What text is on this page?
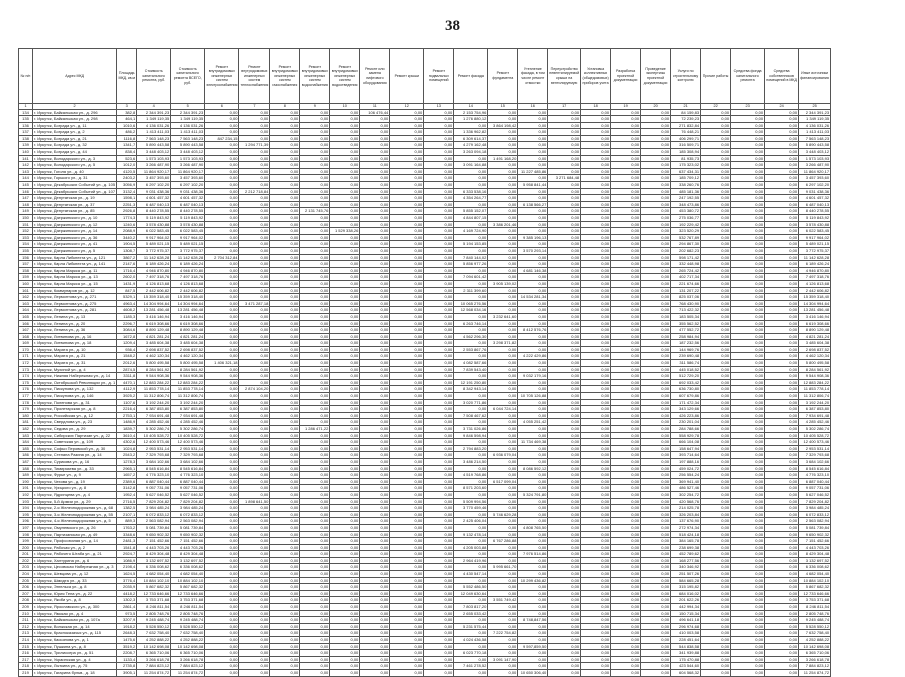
38
№ п/п	Адрес МКД	Площадь МКД, кв.м	Стоимость капитального ремонта, руб.	Стоимость капитального ремонта ВСЕГО, руб.	Ремонт внутридомовых инженерных систем электроснабжения	Ремонт внутридомовых инженерных систем теплоснабжения	Ремонт внутридомовых инженерных систем газоснабжения	Ремонт внутридомовых инженерных систем водоснабжения	Ремонт внутридомовых инженерных систем водоотведения	Ремонт или замена лифтового оборудования	Ремонт крыши	Ремонт подвальных помещений	Ремонт фасада	Ремонт фундамента	Утепление фасада, в том числе ремонт отмостки	Переустройство невентилируемой крыши на вентилируемую	Установка коллективных (общедомовых) приборов учета	Разработка проектной документации	Проведение экспертизы проектной документации	Услуги по строительному контролю	Прочие работы	Средства фонда капитального ремонта	Средства собственников помещений в МКД	Иные источники финансирования
1	2	3	4	5	6	7	8	9	10	11	12	13	14	15	16	17	18	19	20	21	22	23	24	25
134	г. Иркутск, Байкальская ул., д. 296	382,8	2 344 391,23	2 344 391,23	0,00	0,00	0,00	0,00	0,00	106 476,44	0,00	0,00	2 153 754,96	0,00	0,00	0,00	0,00	0,00	0,00	84 159,83	0,00	0,00	0,00	2 344 391,23
135	г. Иркутск, Байкальская ул., д. 298	464,1	1 349 119,35	1 349 119,35	0,00	0,00	0,00	0,00	0,00	0,00	0,00	0,00	1 276 880,12	0,00	0,00	0,00	0,00	0,00	0,00	72 239,23	0,00	0,00	0,00	1 349 119,35
136	г. Иркутск, Бограда ул., д. 11	1010,6	4 136 031,26	4 136 031,26	0,00	0,00	0,00	0,00	0,00	0,00	0,00	0,00	0,00	3 864 198,42	0,00	0,00	0,00	0,00	0,00	271 832,84	0,00	0,00	0,00	4 136 031,26
137	г. Иркутск, Бограда ул., д. 2	486,2	1 413 411,03	1 413 411,03	0,00	0,00	0,00	0,00	0,00	0,00	0,00	0,00	1 336 962,82	0,00	0,00	0,00	0,00	0,00	0,00	76 448,21	0,00	0,00	0,00	1 413 411,03
138	г. Иркутск, Бограда ул., д. 21	1116,8	7 563 148,23	7 563 148,23	847 234,15	0,00	0,00	0,00	0,00	0,00	0,00	0,00	6 309 614,37	0,00	0,00	0,00	0,00	0,00	0,00	406 299,71	0,00	0,00	0,00	7 563 148,23
139	г. Иркутск, Бограда ул., д. 32	1341,7	5 890 443,58	5 890 443,58	0,00	1 294 771,39	0,00	0,00	0,00	0,00	0,00	0,00	4 279 162,48	0,00	0,00	0,00	0,00	0,00	0,00	316 509,71	0,00	0,00	0,00	5 890 443,58
140	г. Иркутск, Бограда ул., д. 44	838,4	3 448 403,12	3 448 403,12	0,00	0,00	0,00	0,00	0,00	0,00	0,00	0,00	3 263 094,18	0,00	0,00	0,00	0,00	0,00	0,00	185 308,94	0,00	0,00	0,00	3 448 403,12
141	г. Иркутск, Володарского ул., д. 3	523,6	1 573 103,93	1 573 103,93	0,00	0,00	0,00	0,00	0,00	0,00	0,00	0,00	0,00	1 491 168,20	0,00	0,00	0,00	0,00	0,00	81 935,73	0,00	0,00	0,00	1 573 103,93
142	г. Иркутск, Володарского ул., д. 5	1012,0	3 266 487,90	3 266 487,90	0,00	0,00	0,00	0,00	0,00	0,00	0,00	0,00	3 091 164,88	0,00	0,00	0,00	0,00	0,00	0,00	175 323,02	0,00	0,00	0,00	3 266 487,90
143	г. Иркутск, Гоголя ул., д. 40	4120,5	11 864 920,17	11 864 920,17	0,00	0,00	0,00	0,00	0,00	0,00	0,00	0,00	0,00	0,00	11 227 485,86	0,00	0,00	0,00	0,00	637 434,31	0,00	0,00	0,00	11 864 920,17
144	г. Иркутск, Горького ул., д. 31	2403,2	3 457 393,60	3 457 393,60	0,00	0,00	0,00	0,00	0,00	0,00	0,00	0,00	0,00	0,00	0,00	3 271 684,48	0,00	0,00	0,00	185 709,12	0,00	0,00	0,00	3 457 393,60
145	г. Иркутск, Декабрьских Событий ул., д. 105	3056,9	6 297 102,20	6 297 102,20	0,00	0,00	0,00	0,00	0,00	0,00	0,00	0,00	0,00	0,00	5 958 841,44	0,00	0,00	0,00	0,00	338 260,76	0,00	0,00	0,00	6 297 102,20
146	г. Иркутск, Декабрьских Событий ул., д. 107	3132,4	9 031 438,36	9 031 438,36	0,00	2 212 718,84	0,00	0,00	0,00	0,00	0,00	0,00	6 333 538,16	0,00	0,00	0,00	0,00	0,00	0,00	485 181,36	0,00	0,00	0,00	9 031 438,36
147	г. Иркутск, Депутатская ул., д. 19	1598,1	4 601 457,32	4 601 457,32	0,00	0,00	0,00	0,00	0,00	0,00	0,00	0,00	4 354 264,77	0,00	0,00	0,00	0,00	0,00	0,00	247 192,55	0,00	0,00	0,00	4 601 457,32
148	г. Иркутск, Депутатская ул., д. 37	2251,3	6 487 040,13	6 487 040,13	0,00	0,00	0,00	0,00	0,00	0,00	0,00	0,00	0,00	0,00	6 138 566,27	0,00	0,00	0,00	0,00	348 473,86	0,00	0,00	0,00	6 487 040,13
149	г. Иркутск, Депутатская ул., д. 85	2926,8	8 440 278,55	8 440 278,55	0,00	0,00	0,00	2 131 745,76	0,00	0,00	0,00	0,00	5 855 152,07	0,00	0,00	0,00	0,00	0,00	0,00	453 380,72	0,00	0,00	0,00	8 440 278,55
150	г. Иркутск, Дзержинского ул., д. 10	1774,3	5 119 843,92	5 119 843,92	0,00	0,00	0,00	0,00	0,00	0,00	0,00	0,00	4 844 807,15	0,00	0,00	0,00	0,00	0,00	0,00	275 036,77	0,00	0,00	0,00	5 119 843,92
151	г. Иркутск, Дзержинского ул., д. 12	1240,6	3 578 430,88	3 578 430,88	0,00	0,00	0,00	0,00	0,00	0,00	0,00	0,00	0,00	3 386 201,46	0,00	0,00	0,00	0,00	0,00	192 229,42	0,00	0,00	0,00	3 578 430,88
152	г. Иркутск, Дзержинского ул., д. 14	2088,9	6 022 583,45	6 022 583,45	0,00	0,00	0,00	0,00	1 529 338,26	0,00	0,00	0,00	4 169 724,90	0,00	0,00	0,00	0,00	0,00	0,00	323 520,29	0,00	0,00	0,00	6 022 583,45
153	г. Иркутск, Дзержинского ул., д. 36	3440,2	9 917 964,02	9 917 964,02	0,00	0,00	0,00	0,00	0,00	0,00	0,00	0,00	0,00	0,00	9 385 196,13	0,00	0,00	0,00	0,00	532 767,89	0,00	0,00	0,00	9 917 964,02
154	г. Иркутск, Дзержинского ул., д. 41	1904,5	5 489 021,15	5 489 021,15	0,00	0,00	0,00	0,00	0,00	0,00	0,00	0,00	5 194 153,85	0,00	0,00	0,00	0,00	0,00	0,00	294 867,30	0,00	0,00	0,00	5 489 021,15
155	г. Иркутск, Дзержинского ул., д. 5	1308,7	3 772 975,37	3 772 975,37	0,00	0,00	0,00	0,00	0,00	0,00	0,00	0,00	0,00	0,00	3 570 293,14	0,00	0,00	0,00	0,00	202 682,23	0,00	0,00	0,00	3 772 975,37
156	г. Иркутск, Карла Либкнехта ул., д. 121	3867,2	11 142 628,28	11 142 628,28	2 704 312,84	0,00	0,00	0,00	0,00	0,00	0,00	0,00	7 840 144,02	0,00	0,00	0,00	0,00	0,00	0,00	598 171,42	0,00	0,00	0,00	11 142 628,28
157	г. Иркутск, Карла Либкнехта ул., д. 141	2147,6	6 189 426,24	6 189 426,24	0,00	0,00	0,00	0,00	0,00	0,00	0,00	0,00	5 856 977,26	0,00	0,00	0,00	0,00	0,00	0,00	332 448,98	0,00	0,00	0,00	6 189 426,24
158	г. Иркутск, Карла Маркса ул., д. 11	1716,4	4 946 870,80	4 946 870,80	0,00	0,00	0,00	0,00	0,00	0,00	0,00	0,00	0,00	0,00	4 681 146,38	0,00	0,00	0,00	0,00	265 724,42	0,00	0,00	0,00	4 946 870,80
159	г. Иркутск, Карла Маркса ул., д. 13	2602,0	7 497 318,76	7 497 318,76	0,00	0,00	0,00	0,00	0,00	0,00	0,00	0,00	7 094 601,42	0,00	0,00	0,00	0,00	0,00	0,00	402 717,34	0,00	0,00	0,00	7 497 318,76
160	г. Иркутск, Карла Маркса ул., д. 15	1431,9	4 126 813,68	4 126 813,68	0,00	0,00	0,00	0,00	0,00	0,00	0,00	0,00	0,00	3 905 139,02	0,00	0,00	0,00	0,00	0,00	221 674,66	0,00	0,00	0,00	4 126 813,68
161	г. Иркутск, Коммунаров ул., д. 12	847,5	2 442 606,82	2 442 606,82	0,00	0,00	0,00	0,00	0,00	0,00	0,00	0,00	2 311 399,60	0,00	0,00	0,00	0,00	0,00	0,00	131 207,22	0,00	0,00	0,00	2 442 606,82
162	г. Иркутск, Лермонтова ул., д. 271	5329,1	15 359 318,40	15 359 318,40	0,00	0,00	0,00	0,00	0,00	0,00	0,00	0,00	0,00	0,00	14 534 281,34	0,00	0,00	0,00	0,00	825 037,06	0,00	0,00	0,00	15 359 318,40
163	г. Иркутск, Лермонтова ул., д. 275	4963,4	14 304 994,64	14 304 994,64	0,00	3 471 287,18	0,00	0,00	0,00	0,00	0,00	0,00	10 065 276,56	0,00	0,00	0,00	0,00	0,00	0,00	768 430,90	0,00	0,00	0,00	14 304 994,64
164	г. Иркутск, Лермонтова ул., д. 281	4608,2	13 281 456,48	13 281 456,48	0,00	0,00	0,00	0,00	0,00	0,00	0,00	0,00	12 568 034,16	0,00	0,00	0,00	0,00	0,00	0,00	713 422,32	0,00	0,00	0,00	13 281 456,48
165	г. Иркутск, Ленина ул., д. 13	1185,3	3 416 146,94	3 416 146,94	0,00	0,00	0,00	0,00	0,00	0,00	0,00	0,00	0,00	3 232 641,60	0,00	0,00	0,00	0,00	0,00	183 505,34	0,00	0,00	0,00	3 416 146,94
166	г. Иркутск, Ленина ул., д. 20	2296,7	6 619 308,66	6 619 308,66	0,00	0,00	0,00	0,00	0,00	0,00	0,00	0,00	6 263 746,14	0,00	0,00	0,00	0,00	0,00	0,00	355 562,52	0,00	0,00	0,00	6 619 308,66
167	г. Иркутск, Ленина ул., д. 36	3084,6	8 890 129,48	8 890 129,48	0,00	0,00	0,00	0,00	0,00	0,00	0,00	0,00	0,00	0,00	8 412 576,76	0,00	0,00	0,00	0,00	477 552,72	0,00	0,00	0,00	8 890 129,48
168	г. Иркутск, Литвинова ул., д. 16	1672,8	4 821 281,24	4 821 281,24	0,00	0,00	0,00	0,00	0,00	0,00	0,00	0,00	4 562 296,30	0,00	0,00	0,00	0,00	0,00	0,00	258 984,94	0,00	0,00	0,00	4 821 281,24
169	г. Иркутск, Литвинова ул., д. 18	1209,4	3 485 604,38	3 485 604,38	0,00	0,00	0,00	0,00	0,00	0,00	0,00	0,00	0,00	3 298 371,82	0,00	0,00	0,00	0,00	0,00	187 232,56	0,00	0,00	0,00	3 485 604,38
170	г. Иркутск, Марата ул., д. 10	936,4	2 698 837,52	2 698 837,52	0,00	0,00	0,00	0,00	0,00	0,00	0,00	0,00	2 553 867,76	0,00	0,00	0,00	0,00	0,00	0,00	144 969,76	0,00	0,00	0,00	2 698 837,52
171	г. Иркутск, Марата ул., д. 21	1548,2	4 462 120,34	4 462 120,34	0,00	0,00	0,00	0,00	0,00	0,00	0,00	0,00	0,00	0,00	4 222 429,86	0,00	0,00	0,00	0,00	239 690,48	0,00	0,00	0,00	4 462 120,34
172	г. Иркутск, Марата ул., д. 31	2012,6	5 800 495,58	5 800 495,58	1 406 321,18	0,00	0,00	0,00	0,00	0,00	0,00	0,00	4 082 587,66	0,00	0,00	0,00	0,00	0,00	0,00	311 586,74	0,00	0,00	0,00	5 800 495,58
173	г. Иркутск, Мухиной ул., д. 4	2874,5	8 284 561,92	8 284 561,92	0,00	0,00	0,00	0,00	0,00	0,00	0,00	0,00	7 839 543,40	0,00	0,00	0,00	0,00	0,00	0,00	445 018,52	0,00	0,00	0,00	8 284 561,92
174	г. Иркутск, Нижняя Набережная ул., д. 14	3311,8	9 544 908,36	9 544 908,36	0,00	0,00	0,00	0,00	0,00	0,00	0,00	0,00	0,00	0,00	9 032 179,16	0,00	0,00	0,00	0,00	512 729,20	0,00	0,00	0,00	9 544 908,36
175	г. Иркутск, Октябрьской Революции ул., д. 1	4470,1	12 883 284,22	12 883 284,22	0,00	0,00	0,00	0,00	0,00	0,00	0,00	0,00	12 191 250,80	0,00	0,00	0,00	0,00	0,00	0,00	692 033,42	0,00	0,00	0,00	12 883 284,22
176	г. Иркутск, Пискунова ул., д. 132	4112,9	11 853 778,14	11 853 778,14	0,00	2 874 104,20	0,00	0,00	0,00	0,00	0,00	0,00	8 342 943,14	0,00	0,00	0,00	0,00	0,00	0,00	636 730,80	0,00	0,00	0,00	11 853 778,14
177	г. Иркутск, Пискунова ул., д. 146	3925,2	11 312 806,74	11 312 806,74	0,00	0,00	0,00	0,00	0,00	0,00	0,00	0,00	0,00	0,00	10 705 126,88	0,00	0,00	0,00	0,00	607 679,86	0,00	0,00	0,00	11 312 806,74
178	г. Иркутск, Поленова ул., д. 31	1107,6	3 192 244,20	3 192 244,20	0,00	0,00	0,00	0,00	0,00	0,00	0,00	0,00	3 020 771,86	0,00	0,00	0,00	0,00	0,00	0,00	171 472,34	0,00	0,00	0,00	3 192 244,20
179	г. Иркутск, Пролетарская ул., д. 8	2216,4	6 387 853,80	6 387 853,80	0,00	0,00	0,00	0,00	0,00	0,00	0,00	0,00	0,00	6 044 724,14	0,00	0,00	0,00	0,00	0,00	343 129,66	0,00	0,00	0,00	6 387 853,80
180	г. Иркутск, Российская ул., д. 12	2753,1	7 934 691,48	7 934 691,48	0,00	0,00	0,00	0,00	0,00	0,00	0,00	0,00	7 508 467,62	0,00	0,00	0,00	0,00	0,00	0,00	426 223,86	0,00	0,00	0,00	7 934 691,48
181	г. Иркутск, Свердлова ул., д. 23	1486,9	4 285 452,46	4 285 452,46	0,00	0,00	0,00	0,00	0,00	0,00	0,00	0,00	0,00	0,00	4 055 251,42	0,00	0,00	0,00	0,00	230 201,04	0,00	0,00	0,00	4 285 452,46
182	г. Иркутск, Седова ул., д. 29	1839,7	5 302 286,74	5 302 286,74	0,00	0,00	0,00	1 286 471,22	0,00	0,00	0,00	0,00	3 731 026,86	0,00	0,00	0,00	0,00	0,00	0,00	284 788,66	0,00	0,00	0,00	5 302 286,74
183	г. Иркутск, Сибирских Партизан ул., д. 22	3610,4	10 405 528,72	10 405 528,72	0,00	0,00	0,00	0,00	0,00	0,00	0,00	0,00	9 846 598,94	0,00	0,00	0,00	0,00	0,00	0,00	558 929,78	0,00	0,00	0,00	10 405 528,72
184	г. Иркутск, Советская ул., д. 109	4302,6	12 400 573,46	12 400 573,46	0,00	0,00	0,00	0,00	0,00	0,00	0,00	0,00	0,00	0,00	11 734 469,38	0,00	0,00	0,00	0,00	666 104,08	0,00	0,00	0,00	12 400 573,46
185	г. Иркутск, Софьи Перовской ул., д. 30	1024,8	2 953 531,14	2 953 531,14	0,00	0,00	0,00	0,00	0,00	0,00	0,00	0,00	2 794 883,20	0,00	0,00	0,00	0,00	0,00	0,00	158 647,94	0,00	0,00	0,00	2 953 531,14
186	г. Иркутск, Степана Разина ул., д. 14	2543,2	7 329 793,68	7 329 793,68	0,00	0,00	0,00	0,00	0,00	0,00	0,00	0,00	0,00	6 936 079,04	0,00	0,00	0,00	0,00	0,00	393 714,64	0,00	0,00	0,00	7 329 793,68
187	г. Иркутск, Сурикова ул., д. 16	1278,3	3 684 102,66	3 684 102,66	0,00	0,00	0,00	0,00	0,00	0,00	0,00	0,00	3 486 214,50	0,00	0,00	0,00	0,00	0,00	0,00	197 888,16	0,00	0,00	0,00	3 684 102,66
188	г. Иркутск, Тимирязева ул., д. 33	2965,1	8 545 616,84	8 545 616,84	0,00	0,00	0,00	0,00	0,00	0,00	0,00	0,00	0,00	0,00	8 086 592,12	0,00	0,00	0,00	0,00	459 024,72	0,00	0,00	0,00	8 545 616,84
189	г. Иркутск, Фурье ул., д. 9	1657,2	4 776 323,10	4 776 323,10	0,00	0,00	0,00	0,00	0,00	0,00	0,00	0,00	4 519 768,86	0,00	0,00	0,00	0,00	0,00	0,00	256 554,24	0,00	0,00	0,00	4 776 323,10
190	г. Иркутск, Чехова ул., д. 19	2389,6	6 887 040,44	6 887 040,44	0,00	0,00	0,00	0,00	0,00	0,00	0,00	0,00	0,00	6 517 099,04	0,00	0,00	0,00	0,00	0,00	369 941,40	0,00	0,00	0,00	6 887 040,44
191	г. Иркутск, Урицкого ул., д. 8	3142,8	9 057 731,06	9 057 731,06	0,00	0,00	0,00	0,00	0,00	0,00	0,00	0,00	8 571 203,60	0,00	0,00	0,00	0,00	0,00	0,00	486 527,46	0,00	0,00	0,00	9 057 731,06
192	г. Иркутск, Ядринцева ул., д. 4	1952,4	5 627 046,52	5 627 046,52	0,00	0,00	0,00	0,00	0,00	0,00	0,00	0,00	0,00	0,00	5 324 791,80	0,00	0,00	0,00	0,00	302 254,72	0,00	0,00	0,00	5 627 046,52
193	г. Иркутск, 5-й Армии ул., д. 29	2716,5	7 829 204,82	7 829 204,82	0,00	1 898 641,50	0,00	0,00	0,00	0,00	0,00	0,00	5 509 994,56	0,00	0,00	0,00	0,00	0,00	0,00	420 568,76	0,00	0,00	0,00	7 829 204,82
194	г. Иркутск, 2-я Железнодорожная ул., д. 68	1382,5	3 984 485,24	3 984 485,24	0,00	0,00	0,00	0,00	0,00	0,00	0,00	0,00	3 770 459,46	0,00	0,00	0,00	0,00	0,00	0,00	214 025,78	0,00	0,00	0,00	3 984 485,24
195	г. Иркутск, 3-я Железнодорожная ул., д. 55	2107,1	6 072 833,12	6 072 833,12	0,00	0,00	0,00	0,00	0,00	0,00	0,00	0,00	0,00	5 746 629,28	0,00	0,00	0,00	0,00	0,00	326 203,84	0,00	0,00	0,00	6 072 833,12
196	г. Иркутск, 4-я Железнодорожная ул., д. 5	889,3	2 563 082,94	2 563 082,94	0,00	0,00	0,00	0,00	0,00	0,00	0,00	0,00	2 425 406,04	0,00	0,00	0,00	0,00	0,00	0,00	137 676,90	0,00	0,00	0,00	2 563 082,94
197	г. Иркутск, Омулевского ул., д. 26	1763,2	5 081 739,84	5 081 739,84	0,00	0,00	0,00	0,00	0,00	0,00	0,00	0,00	0,00	0,00	4 808 765,50	0,00	0,00	0,00	0,00	272 974,34	0,00	0,00	0,00	5 081 739,84
198	г. Иркутск, Партизанская ул., д. 49	3348,6	9 650 902,32	9 650 902,32	0,00	0,00	0,00	0,00	0,00	0,00	0,00	0,00	9 132 478,14	0,00	0,00	0,00	0,00	0,00	0,00	518 424,18	0,00	0,00	0,00	9 650 902,32
199	г. Иркутск, Профсоюзная ул., д. 14	2481,3	7 151 452,66	7 151 452,66	0,00	0,00	0,00	0,00	0,00	0,00	0,00	0,00	0,00	6 767 286,88	0,00	0,00	0,00	0,00	0,00	384 165,78	0,00	0,00	0,00	7 151 452,66
200	г. Иркутск, Рабочая ул., д. 2	1541,8	4 443 703,26	4 443 703,26	0,00	0,00	0,00	0,00	0,00	0,00	0,00	0,00	4 205 003,88	0,00	0,00	0,00	0,00	0,00	0,00	238 699,38	0,00	0,00	0,00	4 443 703,26
201	г. Иркутск, Рабочего Штаба ул., д. 21	2924,7	8 429 304,48	8 429 304,48	0,00	0,00	0,00	0,00	0,00	0,00	0,00	0,00	0,00	0,00	7 976 514,86	0,00	0,00	0,00	0,00	452 789,62	0,00	0,00	0,00	8 429 304,48
202	г. Иркутск, Халтурина ул., д. 6	1086,9	3 132 697,52	3 132 697,52	0,00	0,00	0,00	0,00	0,00	0,00	0,00	0,00	2 964 419,96	0,00	0,00	0,00	0,00	0,00	0,00	168 277,56	0,00	0,00	0,00	3 132 697,52
203	г. Иркутск, Цесовская Набережная ул., д. 3	2198,4	6 336 008,62	6 336 008,62	0,00	0,00	0,00	0,00	0,00	0,00	0,00	0,00	0,00	5 995 661,70	0,00	0,00	0,00	0,00	0,00	340 346,92	0,00	0,00	0,00	6 336 008,62
204	г. Иркутск, Шевцова ул., д. 12	1624,5	4 682 054,40	4 682 054,40	0,00	0,00	0,00	0,00	0,00	0,00	0,00	0,00	4 430 547,14	0,00	0,00	0,00	0,00	0,00	0,00	251 507,26	0,00	0,00	0,00	4 682 054,40
205	г. Иркутск, Шмидта ул., д. 33	3776,4	10 884 102,10	10 884 102,10	0,00	0,00	0,00	0,00	0,00	0,00	0,00	0,00	0,00	0,00	10 299 436,82	0,00	0,00	0,00	0,00	584 665,28	0,00	0,00	0,00	10 884 102,10
206	г. Иркутск, Энгельса ул., д. 8	2035,9	5 867 682,32	5 867 682,32	0,00	0,00	0,00	0,00	0,00	0,00	0,00	0,00	5 552 486,50	0,00	0,00	0,00	0,00	0,00	0,00	315 195,82	0,00	0,00	0,00	5 867 682,32
207	г. Иркутск, Юрия Тена ул., д. 22	4418,2	12 733 646,66	12 733 646,66	0,00	0,00	0,00	0,00	0,00	0,00	0,00	0,00	12 049 630,64	0,00	0,00	0,00	0,00	0,00	0,00	684 016,02	0,00	0,00	0,00	12 733 646,66
208	г. Иркутск, Якоби ул., д. 8	1302,3	3 753 371,68	3 753 371,68	0,00	0,00	0,00	0,00	0,00	0,00	0,00	0,00	0,00	3 551 749,42	0,00	0,00	0,00	0,00	0,00	201 622,26	0,00	0,00	0,00	3 753 371,68
209	г. Иркутск, Ярославского ул., д. 300	2861,4	8 246 811,54	8 246 811,54	0,00	0,00	0,00	0,00	0,00	0,00	0,00	0,00	7 803 817,20	0,00	0,00	0,00	0,00	0,00	0,00	442 994,34	0,00	0,00	0,00	8 246 811,54
210	г. Иркутск, Ямская ул., д. 4	973,5	2 805 748,76	2 805 748,76	0,00	0,00	0,00	0,00	0,00	0,00	0,00	0,00	2 655 033,42	0,00	0,00	0,00	0,00	0,00	0,00	150 715,34	0,00	0,00	0,00	2 805 748,76
211	г. Иркутск, Байкальская ул., д. 107а	3207,9	9 245 488,74	9 245 488,74	0,00	0,00	0,00	0,00	0,00	0,00	0,00	0,00	0,00	0,00	8 748,847,56	0,00	0,00	0,00	0,00	496 641,18	0,00	0,00	0,00	9 245 488,74
212	г. Иркутск, Волжская ул., д. 14	1918,2	5 528 550,12	5 528 550,12	0,00	0,00	0,00	0,00	0,00	0,00	0,00	0,00	5 231 575,44	0,00	0,00	0,00	0,00	0,00	0,00	296 974,68	0,00	0,00	0,00	5 528 550,12
213	г. Иркутск, Красноказачья ул., д. 115	2648,3	7 632 758,40	7 632 758,40	0,00	0,00	0,00	0,00	0,00	0,00	0,00	0,00	0,00	7 222 754,82	0,00	0,00	0,00	0,00	0,00	410 003,58	0,00	0,00	0,00	7 632 758,40
214	г. Иркутск, Касьянова ул., д. 1	1475,6	4 252 888,22	4 252 888,22	0,00	0,00	0,00	0,00	0,00	0,00	0,00	0,00	4 024 436,58	0,00	0,00	0,00	0,00	0,00	0,00	228 451,64	0,00	0,00	0,00	4 252 888,22
215	г. Иркутск, Пушкина ул., д. 8	3519,2	10 142 698,08	10 142 698,08	0,00	0,00	0,00	0,00	0,00	0,00	0,00	0,00	0,00	0,00	9 597,859,50	0,00	0,00	0,00	0,00	544 838,58	0,00	0,00	0,00	10 142 698,08
216	г. Иркутск, Трилиссера ул., д. 51	2208,7	6 365 710,06	6 365 710,06	0,00	0,00	0,00	0,00	0,00	0,00	0,00	0,00	6 023 770,18	0,00	0,00	0,00	0,00	0,00	0,00	341 939,88	0,00	0,00	0,00	6 365 710,06
217	г. Иркутск, Украинская ул., д. 4	1133,4	3 266 618,78	3 266 618,78	0,00	0,00	0,00	0,00	0,00	0,00	0,00	0,00	0,00	3 091 147,90	0,00	0,00	0,00	0,00	0,00	175 470,88	0,00	0,00	0,00	3 266 618,78
218	г. Иркутск, Лыткина ул., д. 75	2735,8	7 884 823,12	7 884 823,12	0,00	0,00	0,00	0,00	0,00	0,00	0,00	0,00	7 461 278,52	0,00	0,00	0,00	0,00	0,00	0,00	423 544,60	0,00	0,00	0,00	7 884 823,12
219	г. Иркутск, Гагарина бульв., д. 18	3905,1	11 254 874,72	11 254 874,72	0,00	0,00	0,00	0,00	0,00	0,00	0,00	0,00	0,00	0,00	10 650 306,40	0,00	0,00	0,00	0,00	604 568,32	0,00	0,00	0,00	11 254 874,72
